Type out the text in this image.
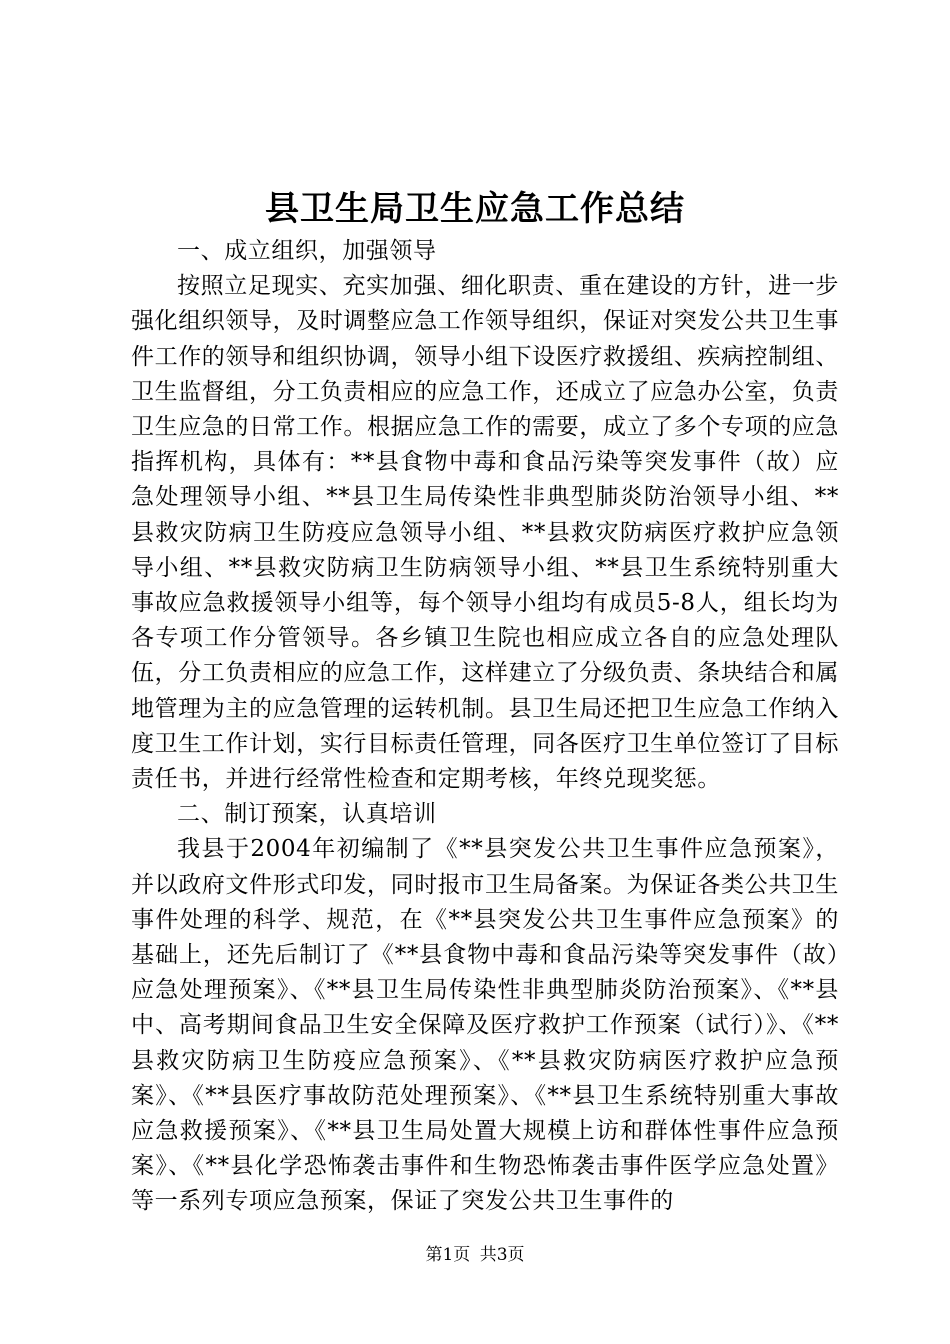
县卫生局卫生应急工作总结

一、成立组织，加强领导

按照立足现实、充实加强、细化职责、重在建设的方针，进一步强化组织领导，及时调整应急工作领导组织，保证对突发公共卫生事件工作的领导和组织协调，领导小组下设医疗救援组、疾病控制组、卫生监督组，分工负责相应的应急工作，还成立了应急办公室，负责卫生应急的日常工作。根据应急工作的需要，成立了多个专项的应急指挥机构，具体有：**县食物中毒和食品污染等突发事件（故）应急处理领导小组、**县卫生局传染性非典型肺炎防治领导小组、**县救灾防病卫生防疫应急领导小组、**县救灾防病医疗救护应急领导小组、**县救灾防病卫生防病领导小组、**县卫生系统特别重大事故应急救援领导小组等，每个领导小组均有成员5-8人，组长均为各专项工作分管领导。各乡镇卫生院也相应成立各自的应急处理队伍，分工负责相应的应急工作，这样建立了分级负责、条块结合和属地管理为主的应急管理的运转机制。县卫生局还把卫生应急工作纳入度卫生工作计划，实行目标责任管理，同各医疗卫生单位签订了目标责任书，并进行经常性检查和定期考核，年终兑现奖惩。

二、制订预案，认真培训

我县于2004年初编制了《**县突发公共卫生事件应急预案》，并以政府文件形式印发，同时报市卫生局备案。为保证各类公共卫生事件处理的科学、规范，在《**县突发公共卫生事件应急预案》的基础上，还先后制订了《**县食物中毒和食品污染等突发事件（故）应急处理预案》、《**县卫生局传染性非典型肺炎防治预案》、《**县中、高考期间食品卫生安全保障及医疗救护工作预案（试行）》、《**县救灾防病卫生防疫应急预案》、《**县救灾防病医疗救护应急预案》、《**县医疗事故防范处理预案》、《**县卫生系统特别重大事故应急救援预案》、《**县卫生局处置大规模上访和群体性事件应急预案》、《**县化学恐怖袭击事件和生物恐怖袭击事件医学应急处置》等一系列专项应急预案，保证了突发公共卫生事件的

第1页 共3页
